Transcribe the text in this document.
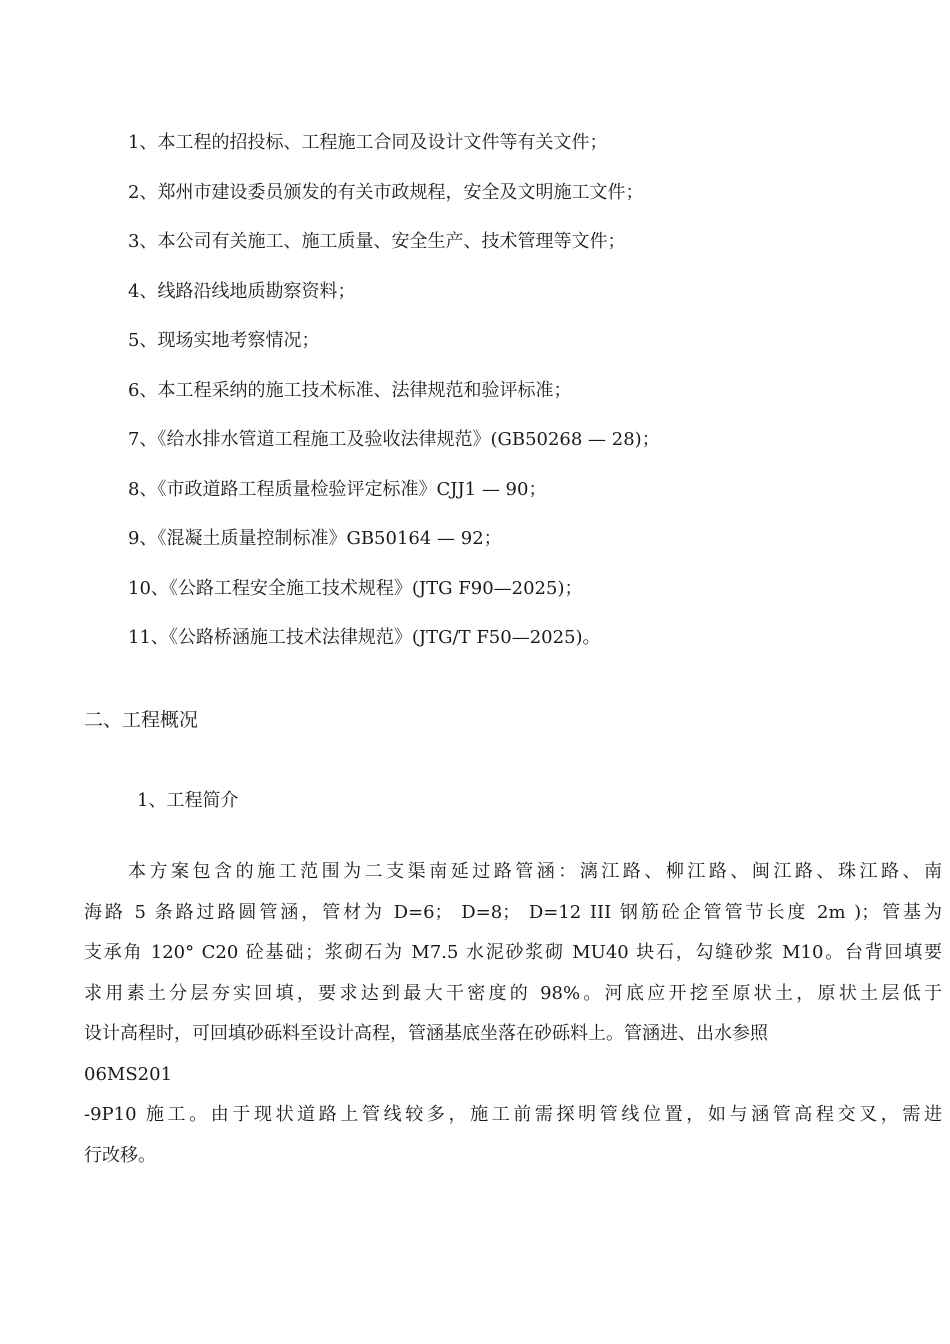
1、本工程的招投标、工程施工合同及设计文件等有关文件；
2、郑州市建设委员颁发的有关市政规程，安全及文明施工文件；
3、本公司有关施工、施工质量、安全生产、技术管理等文件；
4、线路沿线地质勘察资料；
5、现场实地考察情况；
6、本工程采纳的施工技术标准、法律规范和验评标准；
7、《给水排水管道工程施工及验收法律规范》(GB50268 — 28)；
8、《市政道路工程质量检验评定标准》CJJ1 — 90；
9、《混凝土质量控制标准》GB50164 — 92；
10、《公路工程安全施工技术规程》(JTG F90—2025)；
11、《公路桥涵施工技术法律规范》(JTG/T F50—2025)。
二、工程概况
1、工程简介
本方案包含的施工范围为二支渠南延过路管涵：漓江路、柳江路、闽江路、珠江路、南
海路 5 条路过路圆管涵，管材为 D=6； D=8； D=12 III 钢筋砼企管管节长度 2m )；管基为
支承角 120° C20 砼基础；浆砌石为 M7.5 水泥砂浆砌 MU40 块石，勾缝砂浆 M10。台背回填要
求用素土分层夯实回填，要求达到最大干密度的 98%。河底应开挖至原状土，原状土层低于
设计高程时，可回填砂砾料至设计高程，管涵基底坐落在砂砾料上。管涵进、出水参照
06MS201
-9P10 施工。由于现状道路上管线较多，施工前需探明管线位置，如与涵管高程交叉，需进
行改移。
